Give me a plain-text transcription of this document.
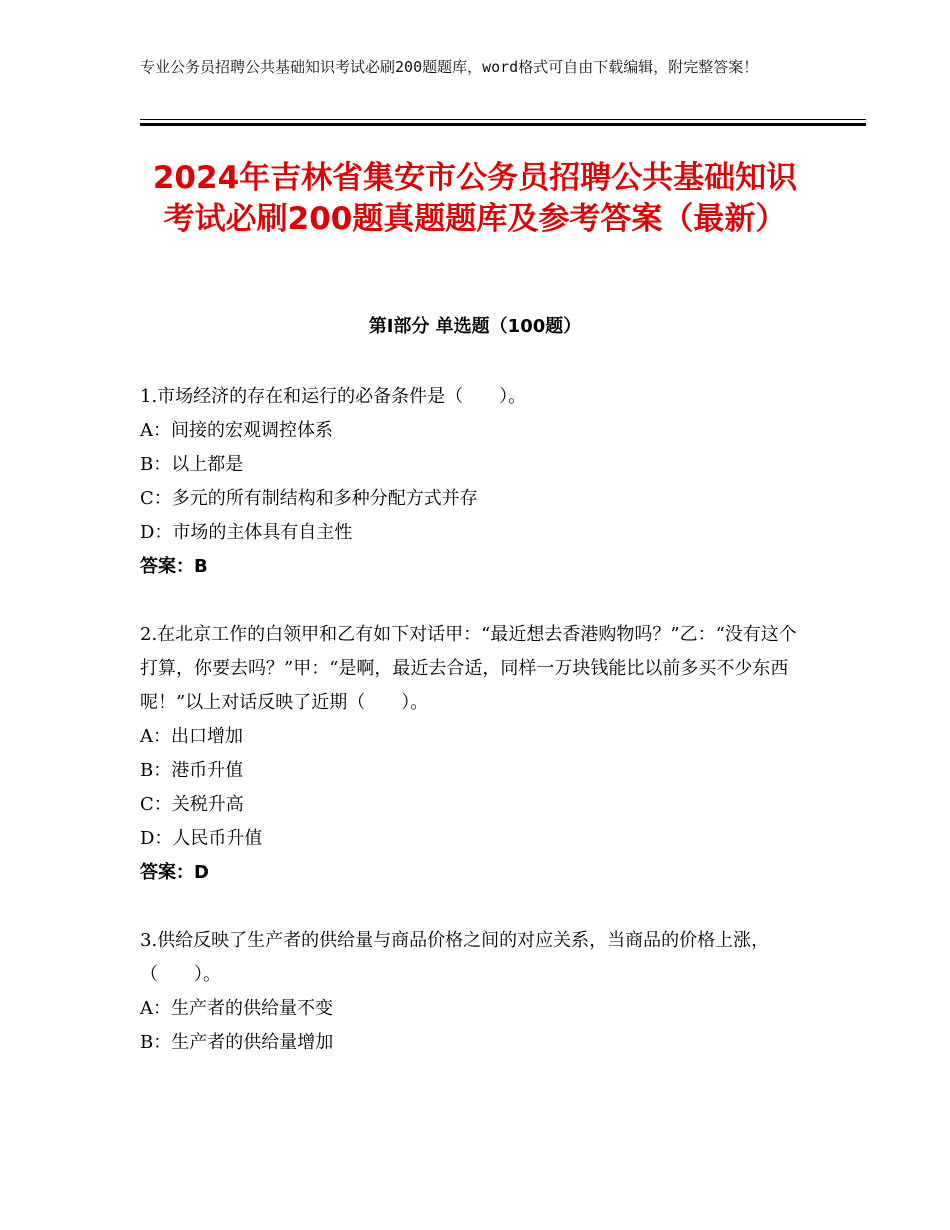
专业公务员招聘公共基础知识考试必刷200题题库，word格式可自由下载编辑，附完整答案！
2024年吉林省集安市公务员招聘公共基础知识考试必刷200题真题题库及参考答案（最新）
第Ⅰ部分 单选题（100题）

1.市场经济的存在和运行的必备条件是（　　）。

A：间接的宏观调控体系

B：以上都是

C：多元的所有制结构和多种分配方式并存

D：市场的主体具有自主性

答案：B

2.在北京工作的白领甲和乙有如下对话甲：“最近想去香港购物吗？”乙：“没有这个打算，你要去吗？”甲：“是啊，最近去合适，同样一万块钱能比以前多买不少东西呢！”以上对话反映了近期（　　）。

A：出口增加

B：港币升值

C：关税升高

D：人民币升值

答案：D

3.供给反映了生产者的供给量与商品价格之间的对应关系，当商品的价格上涨，（　　）。

A：生产者的供给量不变

B：生产者的供给量增加
